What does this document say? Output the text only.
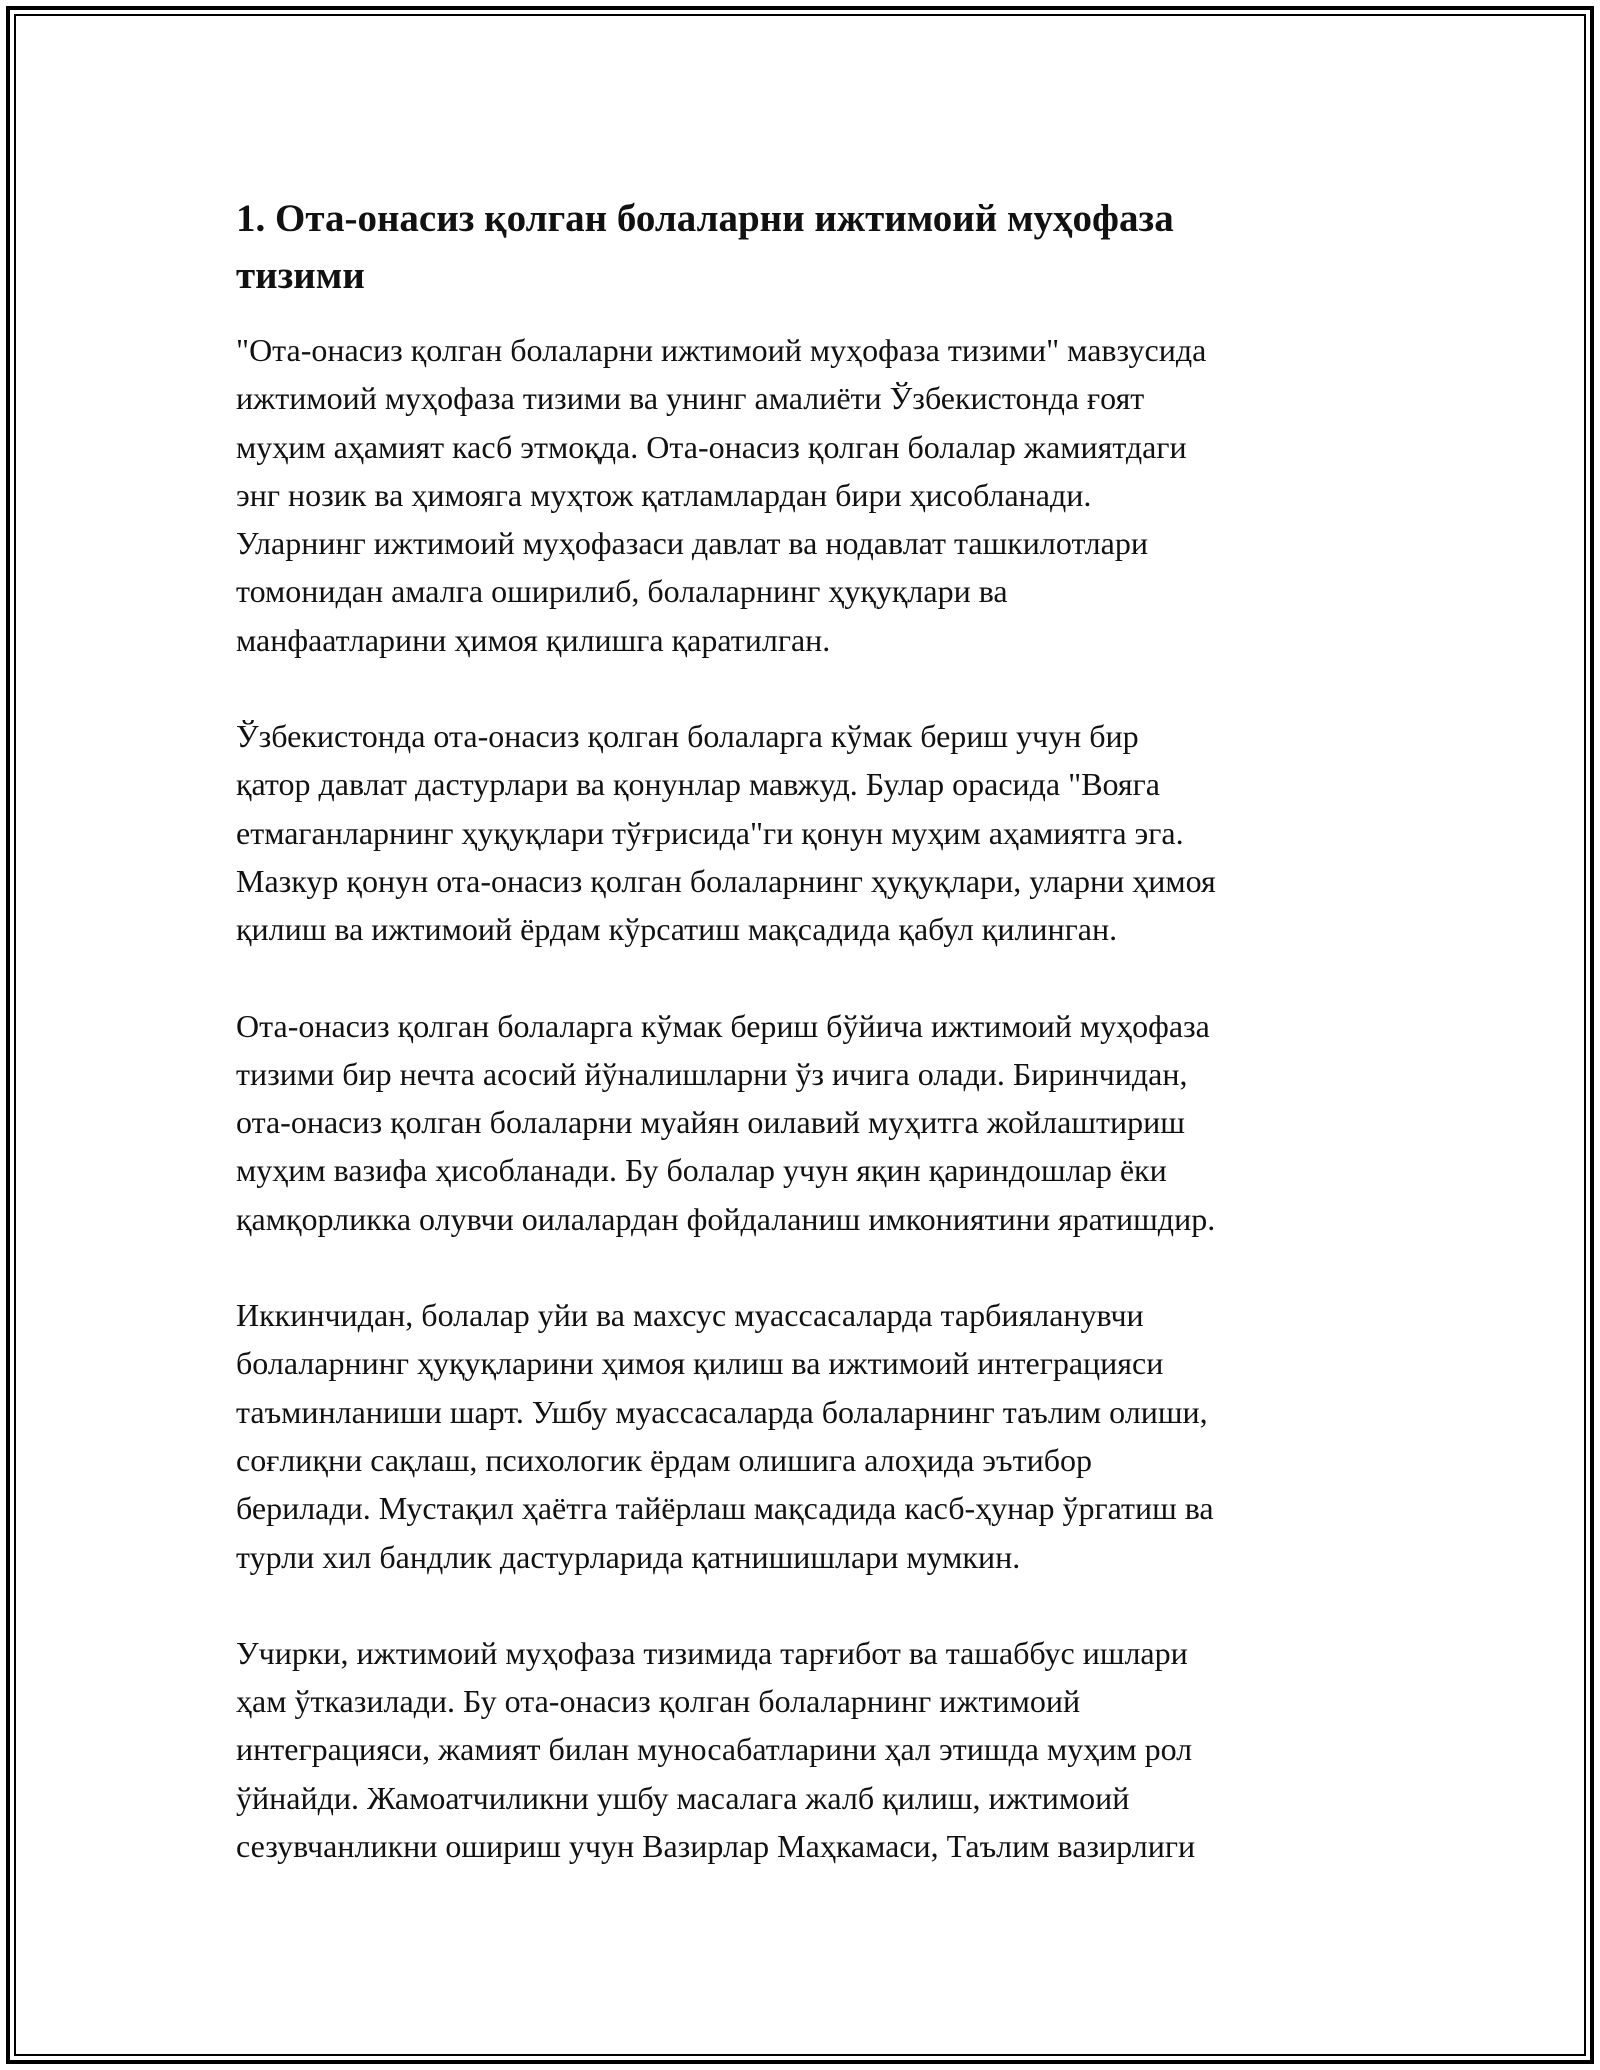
1. Ота-онасиз қолган болаларни ижтимоий муҳофаза
тизими

"Ота-онасиз қолган болаларни ижтимоий муҳофаза тизими" мавзусида
ижтимоий муҳофаза тизими ва унинг амалиёти Ўзбекистонда ғоят
муҳим аҳамият касб этмоқда. Ота-онасиз қолган болалар жамиятдаги
энг нозик ва ҳимояга муҳтож қатламлардан бири ҳисобланади.
Уларнинг ижтимоий муҳофазаси давлат ва нодавлат ташкилотлари
томонидан амалга оширилиб, болаларнинг ҳуқуқлари ва
манфаатларини ҳимоя қилишга қаратилган.

Ўзбекистонда ота-онасиз қолган болаларга кўмак бериш учун бир
қатор давлат дастурлари ва қонунлар мавжуд. Булар орасида "Вояга
етмаганларнинг ҳуқуқлари тўғрисида"ги қонун муҳим аҳамиятга эга.
Мазкур қонун ота-онасиз қолган болаларнинг ҳуқуқлари, уларни ҳимоя
қилиш ва ижтимоий ёрдам кўрсатиш мақсадида қабул қилинган.

Ота-онасиз қолган болаларга кўмак бериш бўйича ижтимоий муҳофаза
тизими бир нечта асосий йўналишларни ўз ичига олади. Биринчидан,
ота-онасиз қолган болаларни муайян оилавий муҳитга жойлаштириш
муҳим вазифа ҳисобланади. Бу болалар учун яқин қариндошлар ёки
қамқорликка олувчи оилалардан фойдаланиш имкониятини яратишдир.

Иккинчидан, болалар уйи ва махсус муассасаларда тарбияланувчи
болаларнинг ҳуқуқларини ҳимоя қилиш ва ижтимоий интеграцияси
таъминланиши шарт. Ушбу муассасаларда болаларнинг таълим олиши,
соғлиқни сақлаш, психологик ёрдам олишига алоҳида эътибор
берилади. Мустақил ҳаётга тайёрлаш мақсадида касб-ҳунар ўргатиш ва
турли хил бандлик дастурларида қатнишишлари мумкин.

Учирки, ижтимоий муҳофаза тизимида тарғибот ва ташаббус ишлари
ҳам ўтказилади. Бу ота-онасиз қолган болаларнинг ижтимоий
интеграцияси, жамият билан муносабатларини ҳал этишда муҳим рол
ўйнайди. Жамоатчиликни ушбу масалага жалб қилиш, ижтимоий
сезувчанликни ошириш учун Вазирлар Маҳкамаси, Таълим вазирлиги
